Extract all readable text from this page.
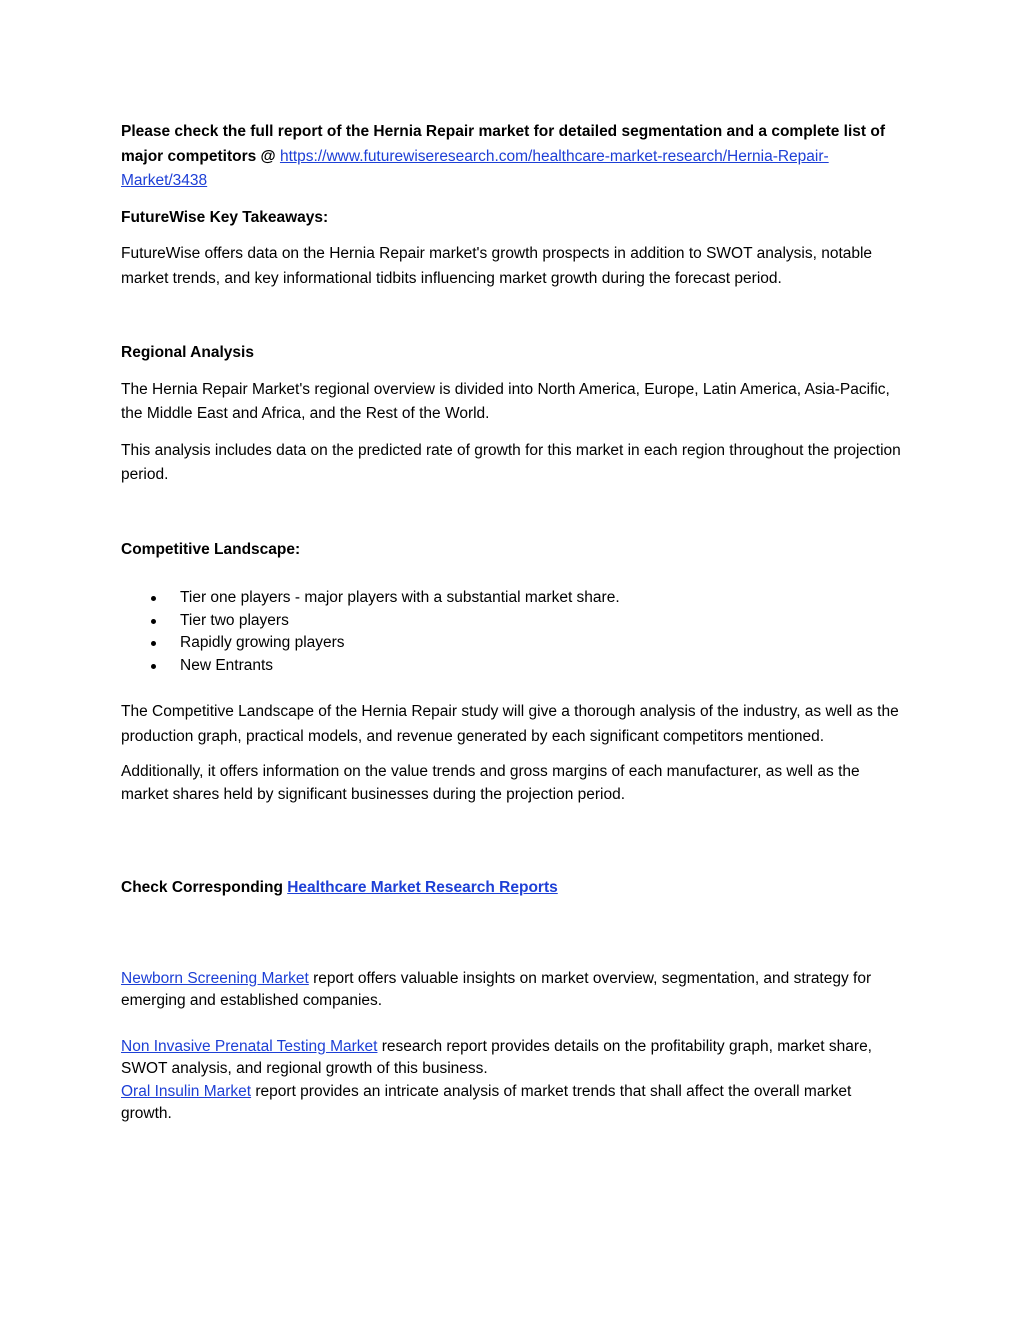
Please check the full report of the Hernia Repair market for detailed segmentation and a complete list of major competitors @ https://www.futurewiseresearch.com/healthcare-market-research/Hernia-Repair-Market/3438

FutureWise Key Takeaways:

FutureWise offers data on the Hernia Repair market's growth prospects in addition to SWOT analysis, notable market trends, and key informational tidbits influencing market growth during the forecast period.

Regional Analysis

The Hernia Repair Market's regional overview is divided into North America, Europe, Latin America, Asia-Pacific, the Middle East and Africa, and the Rest of the World.

This analysis includes data on the predicted rate of growth for this market in each region throughout the projection period.

Competitive Landscape:

Tier one players - major players with a substantial market share.
Tier two players
Rapidly growing players
New Entrants

The Competitive Landscape of the Hernia Repair study will give a thorough analysis of the industry, as well as the production graph, practical models, and revenue generated by each significant competitors mentioned.

Additionally, it offers information on the value trends and gross margins of each manufacturer, as well as the market shares held by significant businesses during the projection period.

Check Corresponding Healthcare Market Research Reports

Newborn Screening Market report offers valuable insights on market overview, segmentation, and strategy for emerging and established companies.

Non Invasive Prenatal Testing Market research report provides details on the profitability graph, market share, SWOT analysis, and regional growth of this business.

Oral Insulin Market report provides an intricate analysis of market trends that shall affect the overall market growth.
